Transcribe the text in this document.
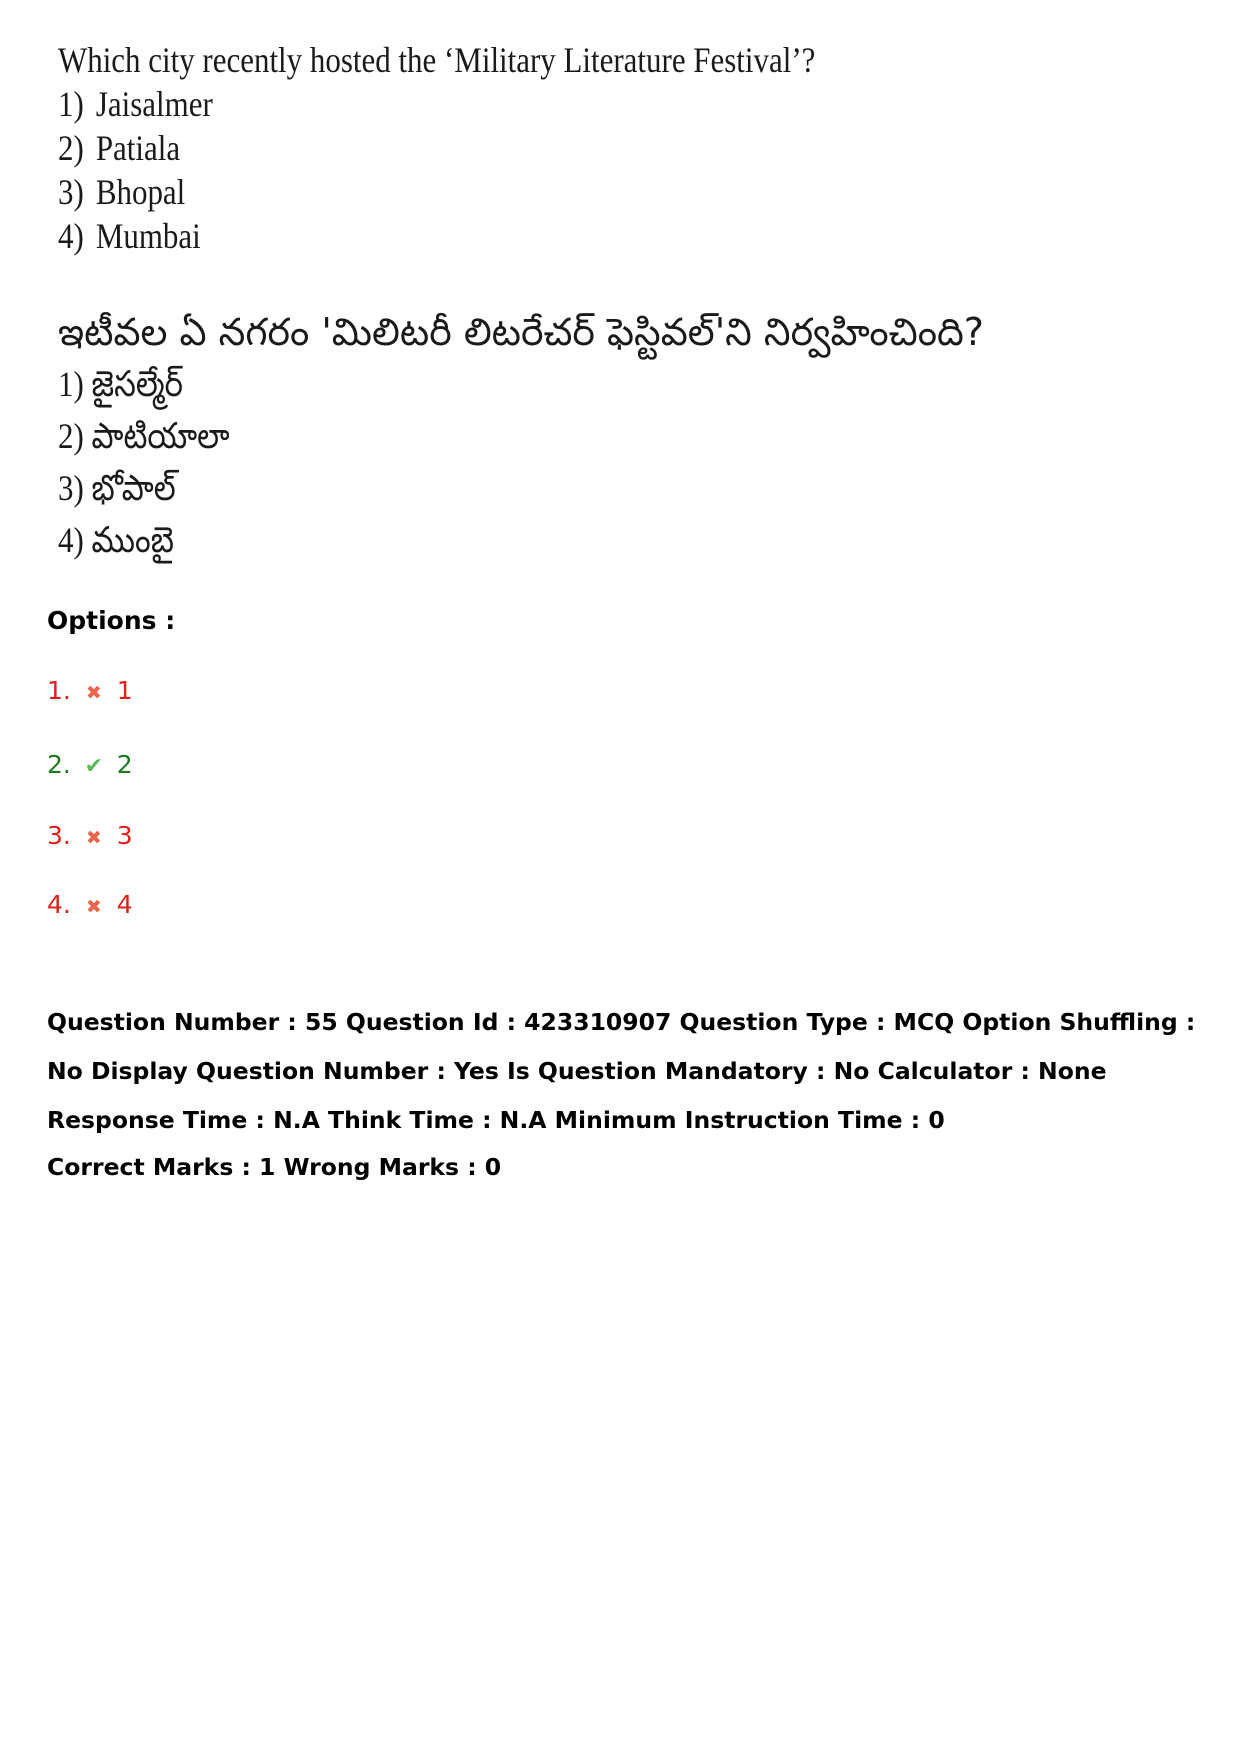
Which city recently hosted the ‘Military Literature Festival’?
1) Jaisalmer
2) Patiala
3) Bhopal
4) Mumbai
ఇటీవల ఏ నగరం 'మిలిటరీ లిటరేచర్ ఫెస్టివల్'ని నిర్వహించింది?
1) జైసల్మేర్
2) పాటియాలా
3) భోపాల్
4) ముంబై
Options :
1. ✖ 1
2. ✔ 2
3. ✖ 3
4. ✖ 4
Question Number : 55 Question Id : 423310907 Question Type : MCQ Option Shuffling : No Display Question Number : Yes Is Question Mandatory : No Calculator : None Response Time : N.A Think Time : N.A Minimum Instruction Time : 0
Correct Marks : 1 Wrong Marks : 0
